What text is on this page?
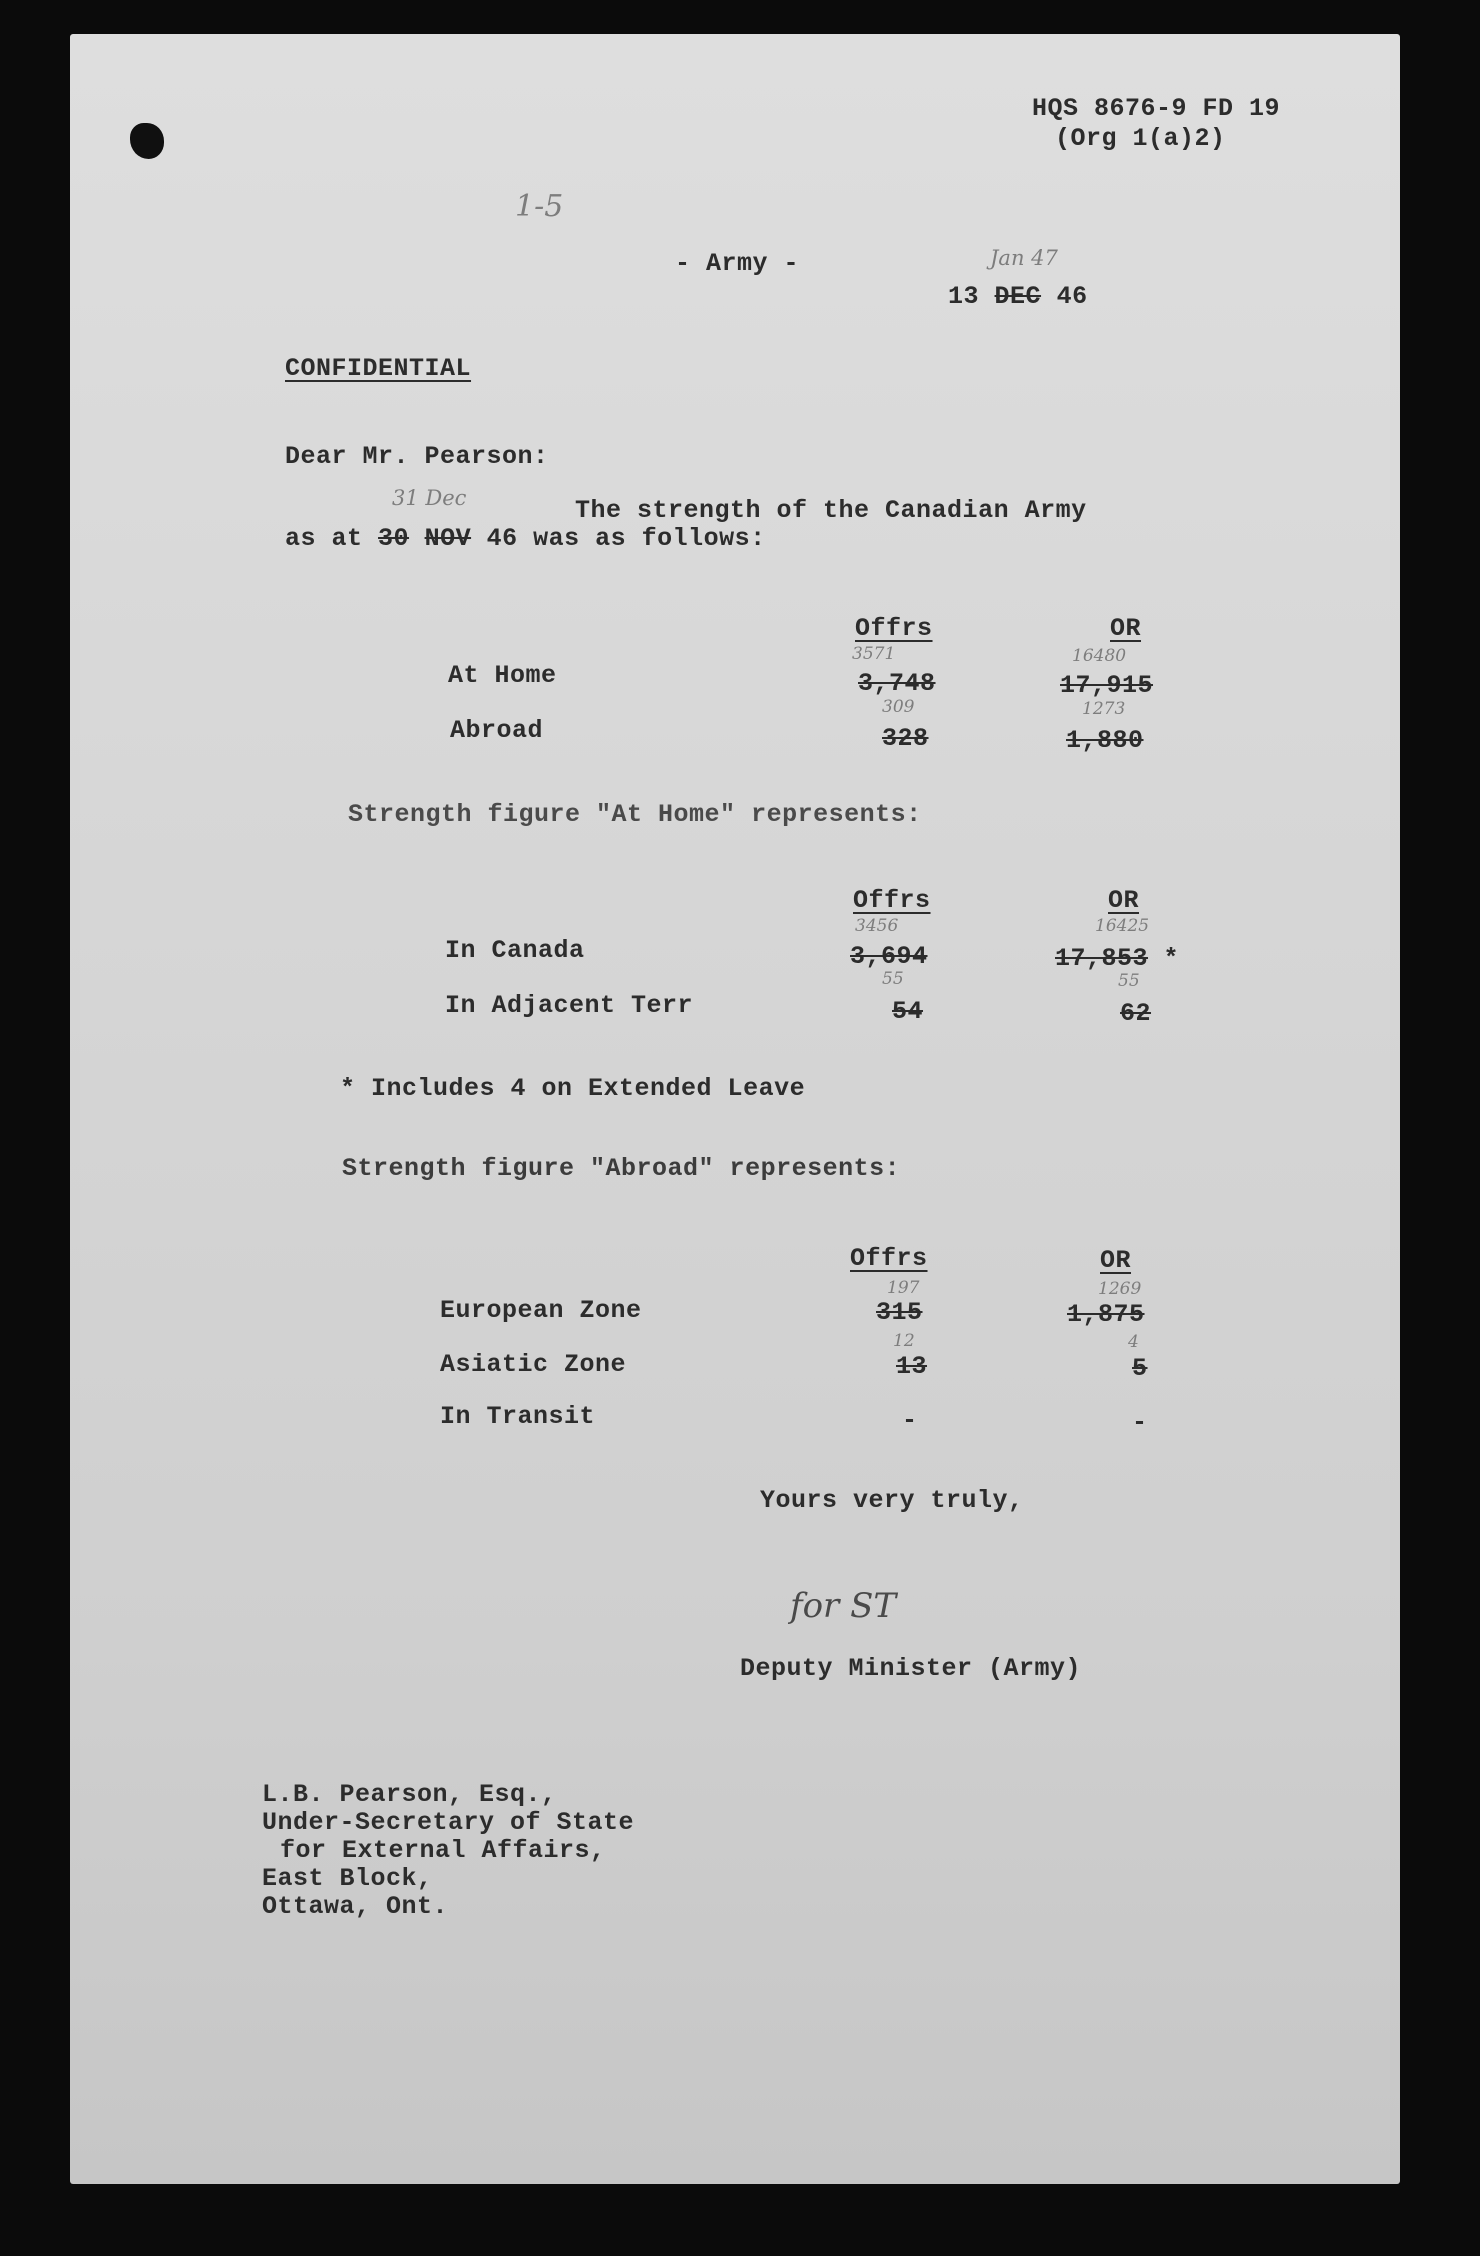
HQS 8676-9 FD 19
(Org 1(a)2)
1-5
- Army -	Jan 47
13 DEC 46
CONFIDENTIAL
Dear Mr. Pearson:
31 Dec	The strength of the Canadian Army
as at 30 NOV 46 was as follows:
Offrs	OR
3571	16480
At Home	3,748	17,915
309	1273
Abroad	328	1,880
Strength figure "At Home" represents:
Offrs	OR
3456	16425
In Canada	3,694	17,853 *
55	55
In Adjacent Terr	54	62
* Includes 4 on Extended Leave
Strength figure "Abroad" represents:
Offrs	OR
197	1269
European Zone	315	1,875
12	4
Asiatic Zone	13	5
In Transit	-	-
Yours very truly,
for ST
Deputy Minister (Army)
L.B. Pearson, Esq.,
Under-Secretary of State
for External Affairs,
East Block,
Ottawa, Ont.
